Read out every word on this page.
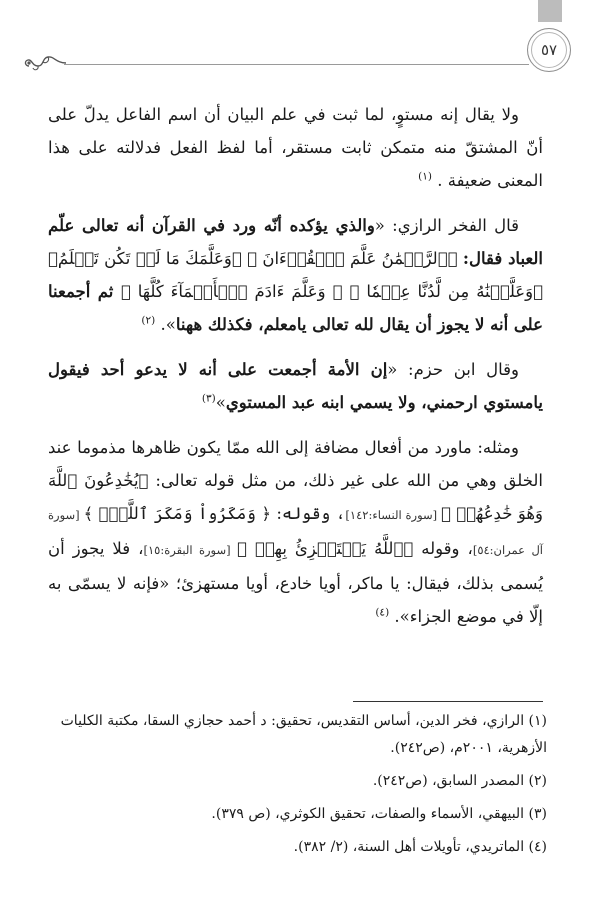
٥٧

ولا يقال إنه مستوٍ، لما ثبت في علم البيان أن اسم الفاعل يدلّ على أنّ المشتقّ منه متمكن ثابت مستقر، أما لفظ الفعل فدلالته على هذا المعنى ضعيفة . $^{(١)}$

قال الفخر الرازي: «والذي يؤكده أنّه ورد في القرآن أنه تعالى علّم العباد فقال: ﴿ٱلرَّحۡمَٰنُ عَلَّمَ ٱلۡقُرۡءَانَ ﴾ ﴿وَعَلَّمَكَ مَا لَمۡ تَكُن تَعۡلَمُ﴾ ﴿وَعَلَّمۡنَٰهُ مِن لَّدُنَّا عِلۡمٗا ﴾ ﴿ وَعَلَّمَ ءَادَمَ ٱلۡأَسۡمَآءَ كُلَّهَا ﴾ ثم أجمعنا على أنه لا يجوز أن يقال لله تعالى يامعلم، فكذلك ههنا». $^{(٢)}$

وقال ابن حزم: «إن الأمة أجمعت على أنه لا يدعو أحد فيقول يامستوي ارحمني، ولا يسمي ابنه عبد المستوي»$^{(٣)}$

ومثله: ماورد من أفعال مضافة إلى الله ممّا يكون ظاهرها مذموما عند الخلق وهي من الله على غير ذلك، من مثل قوله تعالى: ﴿يُخَٰدِعُونَ ٱللَّهَ وَهُوَ خَٰدِعُهُمۡ ﴾ [سورة النساء:١٤٢]، وقوله: ﴿ وَمَكَرُواْ وَمَكَرَ ٱللَّهُۖ ﴾ [سورة آل عمران:٥٤]، وقوله ﴿ٱللَّهُ يَسۡتَهۡزِئُ بِهِمۡ ﴾ [سورة البقرة:١٥]، فلا يجوز أن يُسمى بذلك، فيقال: يا ماكر، أويا خادع، أويا مستهزئ؛ «فإنه لا يسمّى به إلّا في موضع الجزاء». $^{(٤)}$

(١) الرازي، فخر الدين، أساس التقديس، تحقيق: د أحمد حجازي السقا، مكتبة الكليات الأزهرية، ٢٠٠١م، (ص٢٤٢).
(٢) المصدر السابق، (ص٢٤٢).
(٣) البيهقي، الأسماء والصفات، تحقيق الكوثري، (ص ٣٧٩).
(٤) الماتريدي، تأويلات أهل السنة، (٢/ ٣٨٢).
